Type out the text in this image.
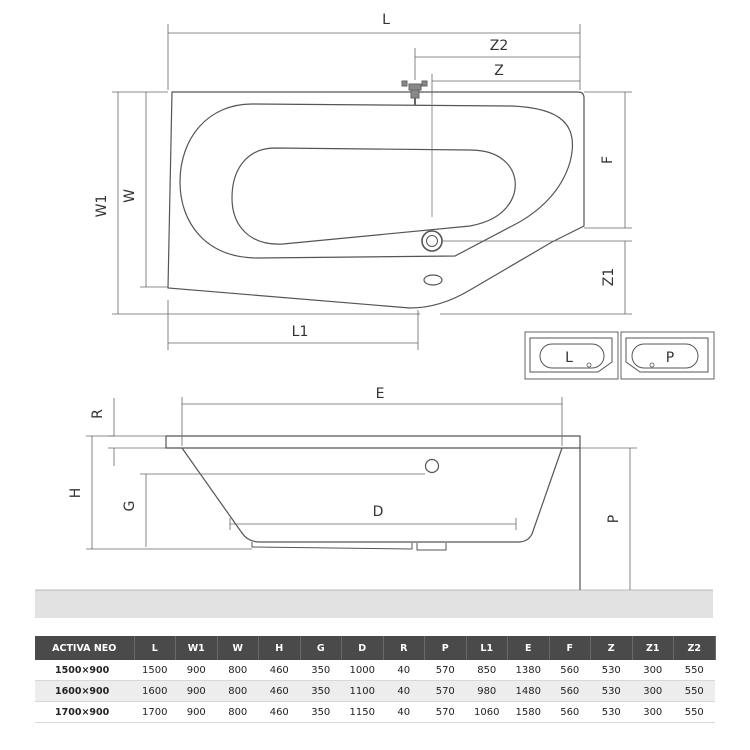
L
Z2
Z
W1 W
F
Z1
L1
L	P
E
R
H
G	D	P
ACTIVA NEO	L	W1	W	H	G	D	R	P	L1	E	F	Z	Z1	Z2
1500×900	1500	900	800	460	350	1000	40	570	850	1380	560	530	300	550
1600×900	1600	900	800	460	350	1100	40	570	980	1480	560	530	300	550
1700×900	1700	900	800	460	350	1150	40	570	1060	1580	560	530	300	550
